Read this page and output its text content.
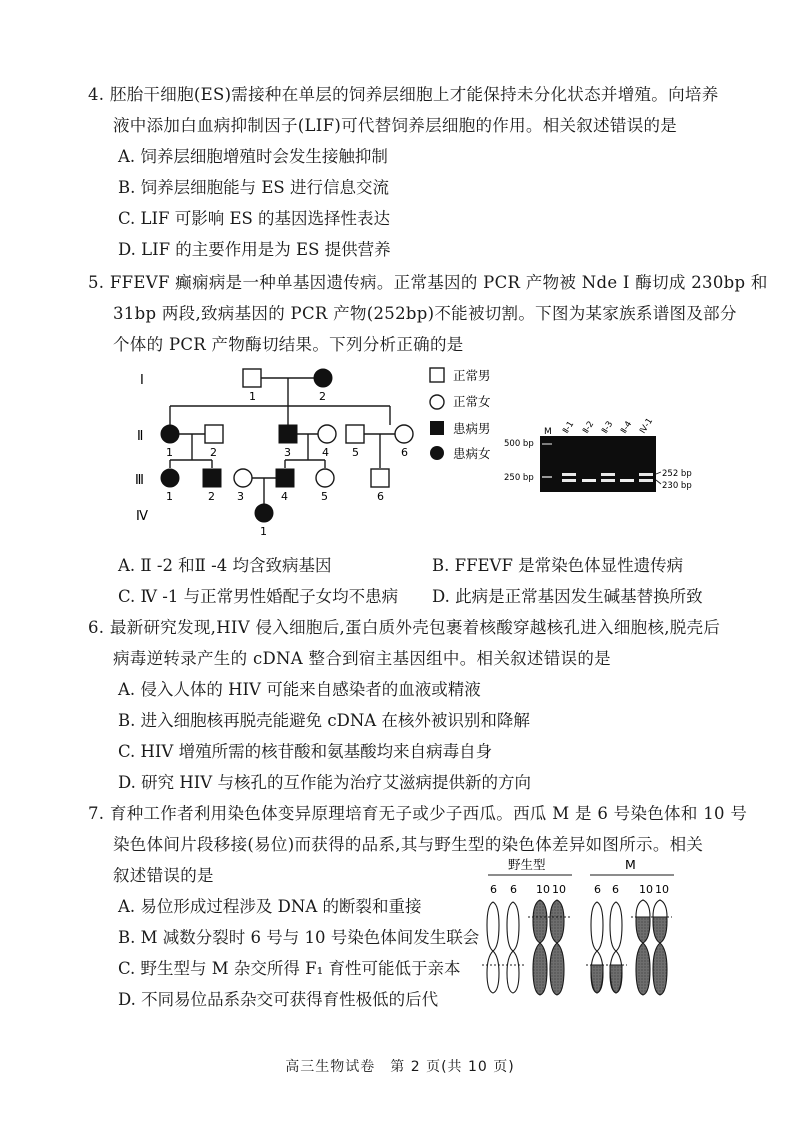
4. 胚胎干细胞(ES)需接种在单层的饲养层细胞上才能保持未分化状态并增殖。向培养
液中添加白血病抑制因子(LIF)可代替饲养层细胞的作用。相关叙述错误的是
A. 饲养层细胞增殖时会发生接触抑制
B. 饲养层细胞能与 ES 进行信息交流
C. LIF 可影响 ES 的基因选择性表达
D. LIF 的主要作用是为 ES 提供营养
5. FFEVF 癫痫病是一种单基因遗传病。正常基因的 PCR 产物被 Nde Ⅰ 酶切成 230bp 和
31bp 两段,致病基因的 PCR 产物(252bp)不能被切割。下图为某家族系谱图及部分
个体的 PCR 产物酶切结果。下列分析正确的是
Ⅰ
Ⅱ
Ⅲ
Ⅳ
1	2
1	2	3	4 5	6
1	2 3	4	5	6
1
正常男
正常女
患病男
患病女
500 bp
250 bp	252 bp
230 bp
M Ⅱ-1 Ⅱ-2 Ⅱ-3 Ⅱ-4 Ⅳ-1
A. Ⅱ -2 和Ⅱ -4 均含致病基因	B. FFEVF 是常染色体显性遗传病
C. Ⅳ -1 与正常男性婚配子女均不患病 D. 此病是正常基因发生碱基替换所致
6. 最新研究发现,HIV 侵入细胞后,蛋白质外壳包裹着核酸穿越核孔进入细胞核,脱壳后
病毒逆转录产生的 cDNA 整合到宿主基因组中。相关叙述错误的是
A. 侵入人体的 HIV 可能来自感染者的血液或精液
B. 进入细胞核再脱壳能避免 cDNA 在核外被识别和降解
C. HIV 增殖所需的核苷酸和氨基酸均来自病毒自身
D. 研究 HIV 与核孔的互作能为治疗艾滋病提供新的方向
7. 育种工作者利用染色体变异原理培育无子或少子西瓜。西瓜 M 是 6 号染色体和 10 号
染色体间片段移接(易位)而获得的品系,其与野生型的染色体差异如图所示。相关
叙述错误的是
A. 易位形成过程涉及 DNA 的断裂和重接
B. M 减数分裂时 6 号与 10 号染色体间发生联会
C. 野生型与 M 杂交所得 F₁ 育性可能低于亲本
D. 不同易位品系杂交可获得育性极低的后代
野生型	M
6 6 10 10	6 6 10 10
高三生物试卷　第 2 页(共 10 页)
